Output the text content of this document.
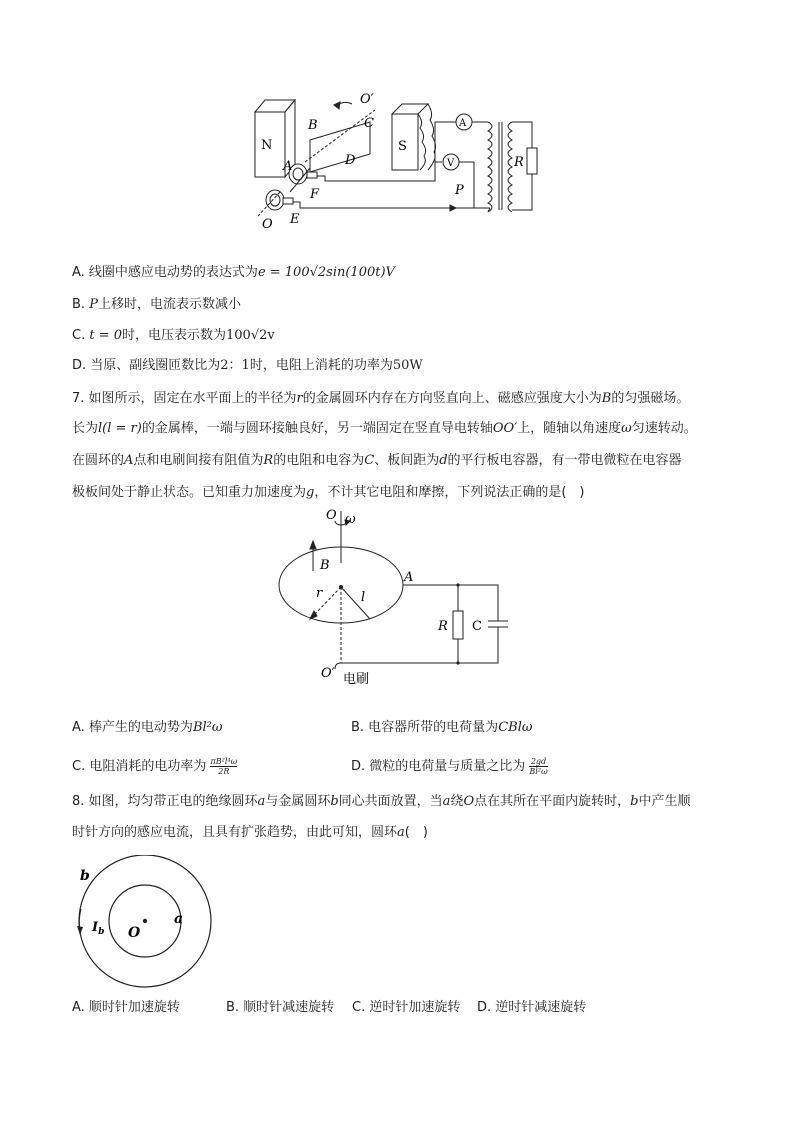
N	S
B
O′
C
D
A
F
E
O
A
V
P
R
A. 线圈中感应电动势的表达式为e = 100√2sin(100t)V
B. P上移时，电流表示数减小
C. t = 0时，电压表示数为100√2v
D. 当原、副线圈匝数比为2：1时，电阻上消耗的功率为50W
7. 如图所示，固定在水平面上的半径为r的金属圆环内存在方向竖直向上、磁感应强度大小为B的匀强磁场。
长为l(l = r)的金属棒，一端与圆环接触良好，另一端固定在竖直导电转轴OO′上，随轴以角速度ω匀速转动。
在圆环的A点和电刷间接有阻值为R的电阻和电容为C、板间距为d的平行板电容器，有一带电微粒在电容器
极板间处于静止状态。已知重力加速度为g，不计其它电阻和摩擦，下列说法正确的是(　)
O ω
B
r	l
A
R C
O′ 电刷
A. 棒产生的电动势为Bl²ω	B. 电容器所带的电荷量为CBlω
C. 电阻消耗的电功率为 $\frac{\text{πB²l⁴ω}}{2R}$	D. 微粒的电荷量与质量之比为 $\frac{2gd}{\text{Bl²ω}}$
8. 如图，均匀带正电的绝缘圆环a与金属圆环b同心共面放置，当a绕O点在其所在平面内旋转时，b中产生顺
时针方向的感应电流，且具有扩张趋势，由此可知，圆环a(　)
b
a
O
$I_b$
A. 顺时针加速旋转	B. 顺时针减速旋转 C. 逆时针加速旋转 D. 逆时针减速旋转
